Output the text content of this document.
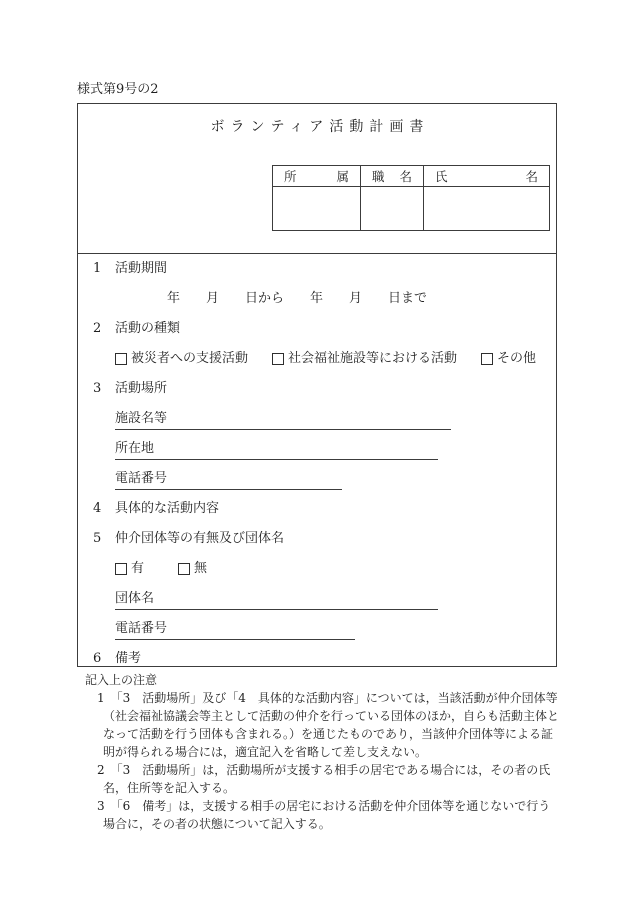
様式第9号の2
ボランティア活動計画書
所 属	職 名	氏 名

1 活動期間
年　　月　　日から　　年　　月　　日まで
2 活動の種類
被災者への支援活動	社会福祉施設等における活動	その他
3 活動場所
施設名等
所在地
電話番号
4 具体的な活動内容
5 仲介団体等の有無及び団体名
有	無
団体名
電話番号
6 備考
記入上の注意
1　「3　活動場所」及び「4　具体的な活動内容」については，当該活動が仲介団体等
（社会福祉協議会等主として活動の仲介を行っている団体のほか，自らも活動主体と
なって活動を行う団体も含まれる。）を通じたものであり，当該仲介団体等による証
明が得られる場合には，適宜記入を省略して差し支えない。
2　「3　活動場所」は，活動場所が支援する相手の居宅である場合には，その者の氏
名，住所等を記入する。
3　「6　備考」は，支援する相手の居宅における活動を仲介団体等を通じないで行う
場合に，その者の状態について記入する。
